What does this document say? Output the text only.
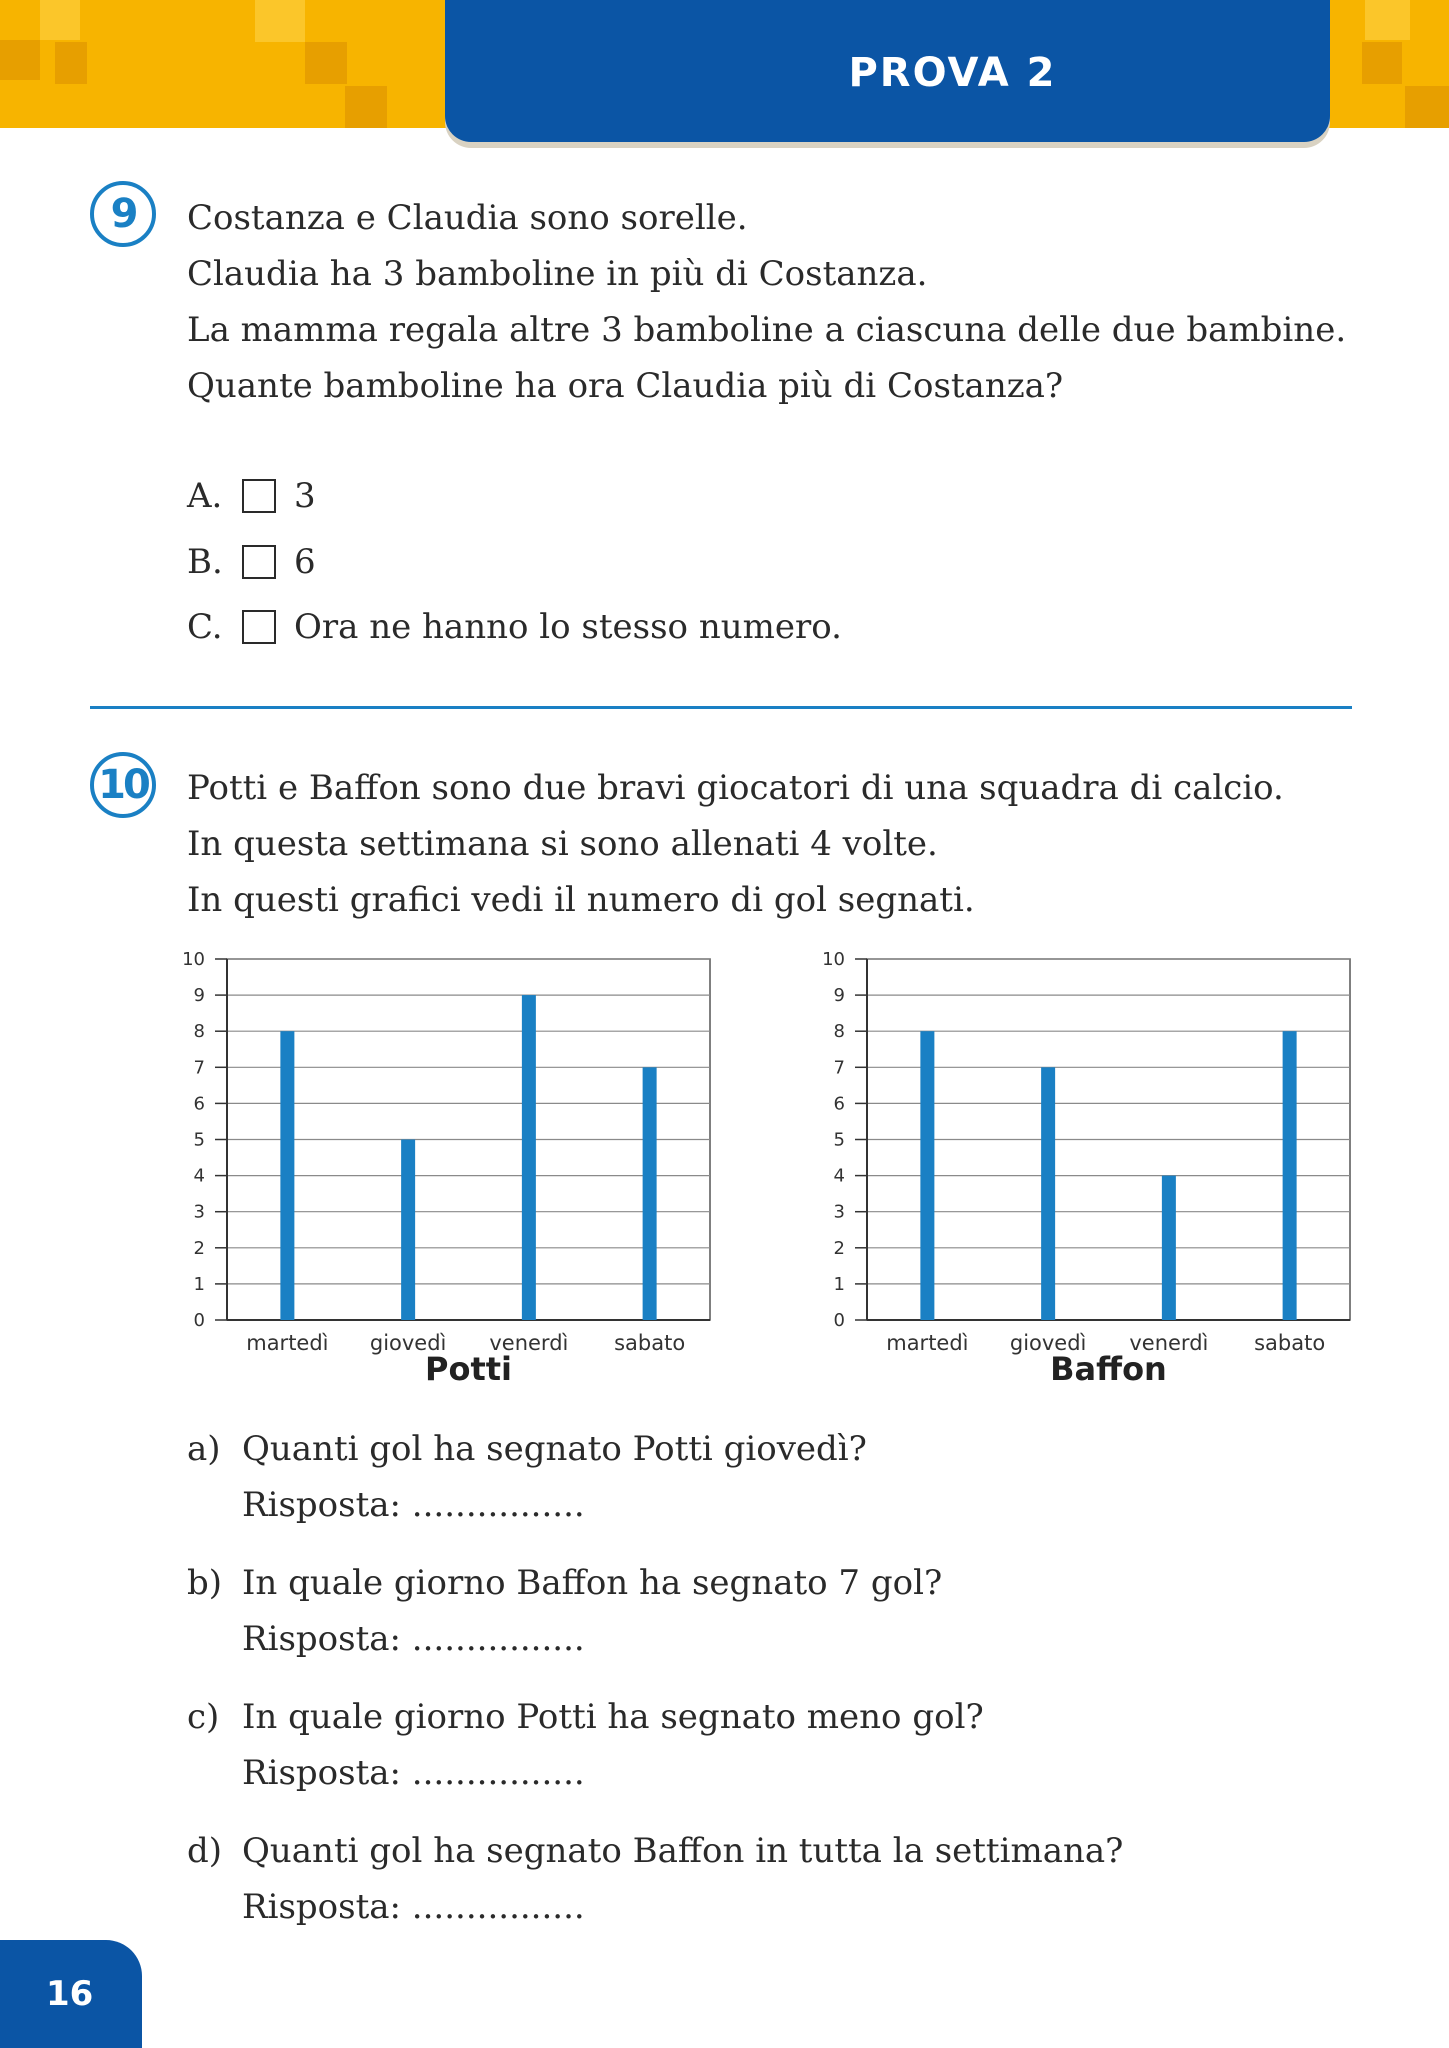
PROVA 2
9	Costanza e Claudia sono sorelle.
Claudia ha 3 bamboline in più di Costanza.
La mamma regala altre 3 bamboline a ciascuna delle due bambine.
Quante bamboline ha ora Claudia più di Costanza?
A.	3
B.	6
C.	Ora ne hanno lo stesso numero.
10 Potti e Baffon sono due bravi giocatori di una squadra di calcio.
In questa settimana si sono allenati 4 volte.
In questi grafici vedi il numero di gol segnati.
0
1
2
3
4
5
6
7
8
9
10
martedì giovedì venerdì sabato
Potti
0
1
2
3
4
5
6
7
8
9
10
martedì giovedì venerdì sabato
Baffon
a) Quanti gol ha segnato Potti giovedì?
Risposta: ................
b) In quale giorno Baffon ha segnato 7 gol?
Risposta: ................
c) In quale giorno Potti ha segnato meno gol?
Risposta: ................
d) Quanti gol ha segnato Baffon in tutta la settimana?
Risposta: ................
16
